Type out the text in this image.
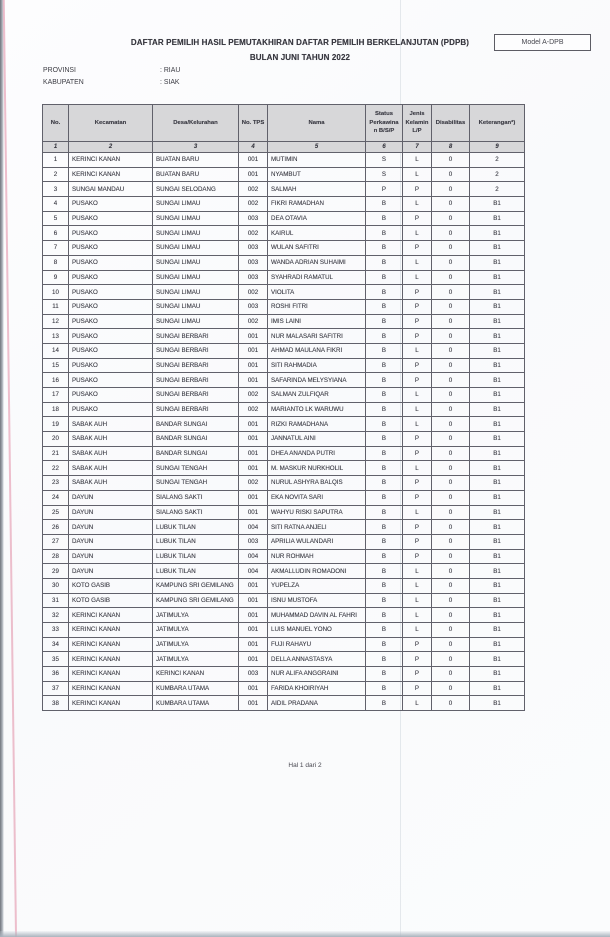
DAFTAR PEMILIH HASIL PEMUTAKHIRAN DAFTAR PEMILIH BERKELANJUTAN (PDPB)
BULAN JUNI TAHUN 2022
Model A-DPB
PROVINSI	: RIAU
KABUPATEN	: SIAK
No.	Kecamatan	Desa/Kelurahan	No. TPS	Nama	Status Perkawina n B/S/P	Jenis Kelamin L/P	Disabilitas	Keterangan*)
1	2	3	4	5	6	7	8	9
1	KERINCI KANAN	BUATAN BARU	001	MUTIMIN	S	L	0	2
2	KERINCI KANAN	BUATAN BARU	001	NYAMBUT	S	L	0	2
3	SUNGAI MANDAU	SUNGAI SELODANG	002	SALMAH	P	P	0	2
4	PUSAKO	SUNGAI LIMAU	002	FIKRI RAMADHAN	B	L	0	B1
5	PUSAKO	SUNGAI LIMAU	003	DEA OTAVIA	B	P	0	B1
6	PUSAKO	SUNGAI LIMAU	002	KAIRUL	B	L	0	B1
7	PUSAKO	SUNGAI LIMAU	003	WULAN SAFITRI	B	P	0	B1
8	PUSAKO	SUNGAI LIMAU	003	WANDA ADRIAN SUHAIMI	B	L	0	B1
9	PUSAKO	SUNGAI LIMAU	003	SYAHRADI RAMATUL	B	L	0	B1
10	PUSAKO	SUNGAI LIMAU	002	VIOLITA	B	P	0	B1
11	PUSAKO	SUNGAI LIMAU	003	ROSHI FITRI	B	P	0	B1
12	PUSAKO	SUNGAI LIMAU	002	IMIS LAINI	B	P	0	B1
13	PUSAKO	SUNGAI BERBARI	001	NUR MALASARI SAFITRI	B	P	0	B1
14	PUSAKO	SUNGAI BERBARI	001	AHMAD MAULANA FIKRI	B	L	0	B1
15	PUSAKO	SUNGAI BERBARI	001	SITI RAHMADIA	B	P	0	B1
16	PUSAKO	SUNGAI BERBARI	001	SAFARINDA MELYSYIANA	B	P	0	B1
17	PUSAKO	SUNGAI BERBARI	002	SALMAN ZULFIQAR	B	L	0	B1
18	PUSAKO	SUNGAI BERBARI	002	MARIANTO LK WARUWU	B	L	0	B1
19	SABAK AUH	BANDAR SUNGAI	001	RIZKI RAMADHANA	B	L	0	B1
20	SABAK AUH	BANDAR SUNGAI	001	JANNATUL AINI	B	P	0	B1
21	SABAK AUH	BANDAR SUNGAI	001	DHEA ANANDA PUTRI	B	P	0	B1
22	SABAK AUH	SUNGAI TENGAH	001	M. MASKUR NURKHOLIL	B	L	0	B1
23	SABAK AUH	SUNGAI TENGAH	002	NURUL ASHYRA BALQIS	B	P	0	B1
24	DAYUN	SIALANG SAKTI	001	EKA NOVITA SARI	B	P	0	B1
25	DAYUN	SIALANG SAKTI	001	WAHYU RISKI SAPUTRA	B	L	0	B1
26	DAYUN	LUBUK TILAN	004	SITI RATNA ANJELI	B	P	0	B1
27	DAYUN	LUBUK TILAN	003	APRILIA WULANDARI	B	P	0	B1
28	DAYUN	LUBUK TILAN	004	NUR ROHMAH	B	P	0	B1
29	DAYUN	LUBUK TILAN	004	AKMALLUDIN ROMADONI	B	L	0	B1
30	KOTO GASIB	KAMPUNG SRI GEMILANG	001	YUPELZA	B	L	0	B1
31	KOTO GASIB	KAMPUNG SRI GEMILANG	001	ISNU MUSTOFA	B	L	0	B1
32	KERINCI KANAN	JATIMULYA	001	MUHAMMAD DAVIN AL FAHRI	B	L	0	B1
33	KERINCI KANAN	JATIMULYA	001	LUIS MANUEL YONO	B	L	0	B1
34	KERINCI KANAN	JATIMULYA	001	FUJI RAHAYU	B	P	0	B1
35	KERINCI KANAN	JATIMULYA	001	DELLA ANNASTASYA	B	P	0	B1
36	KERINCI KANAN	KERINCI KANAN	003	NUR ALIFA ANGGRAINI	B	P	0	B1
37	KERINCI KANAN	KUMBARA UTAMA	001	FARIDA KHOIRIYAH	B	P	0	B1
38	KERINCI KANAN	KUMBARA UTAMA	001	AIDIL PRADANA	B	L	0	B1
Hal 1 dari 2
